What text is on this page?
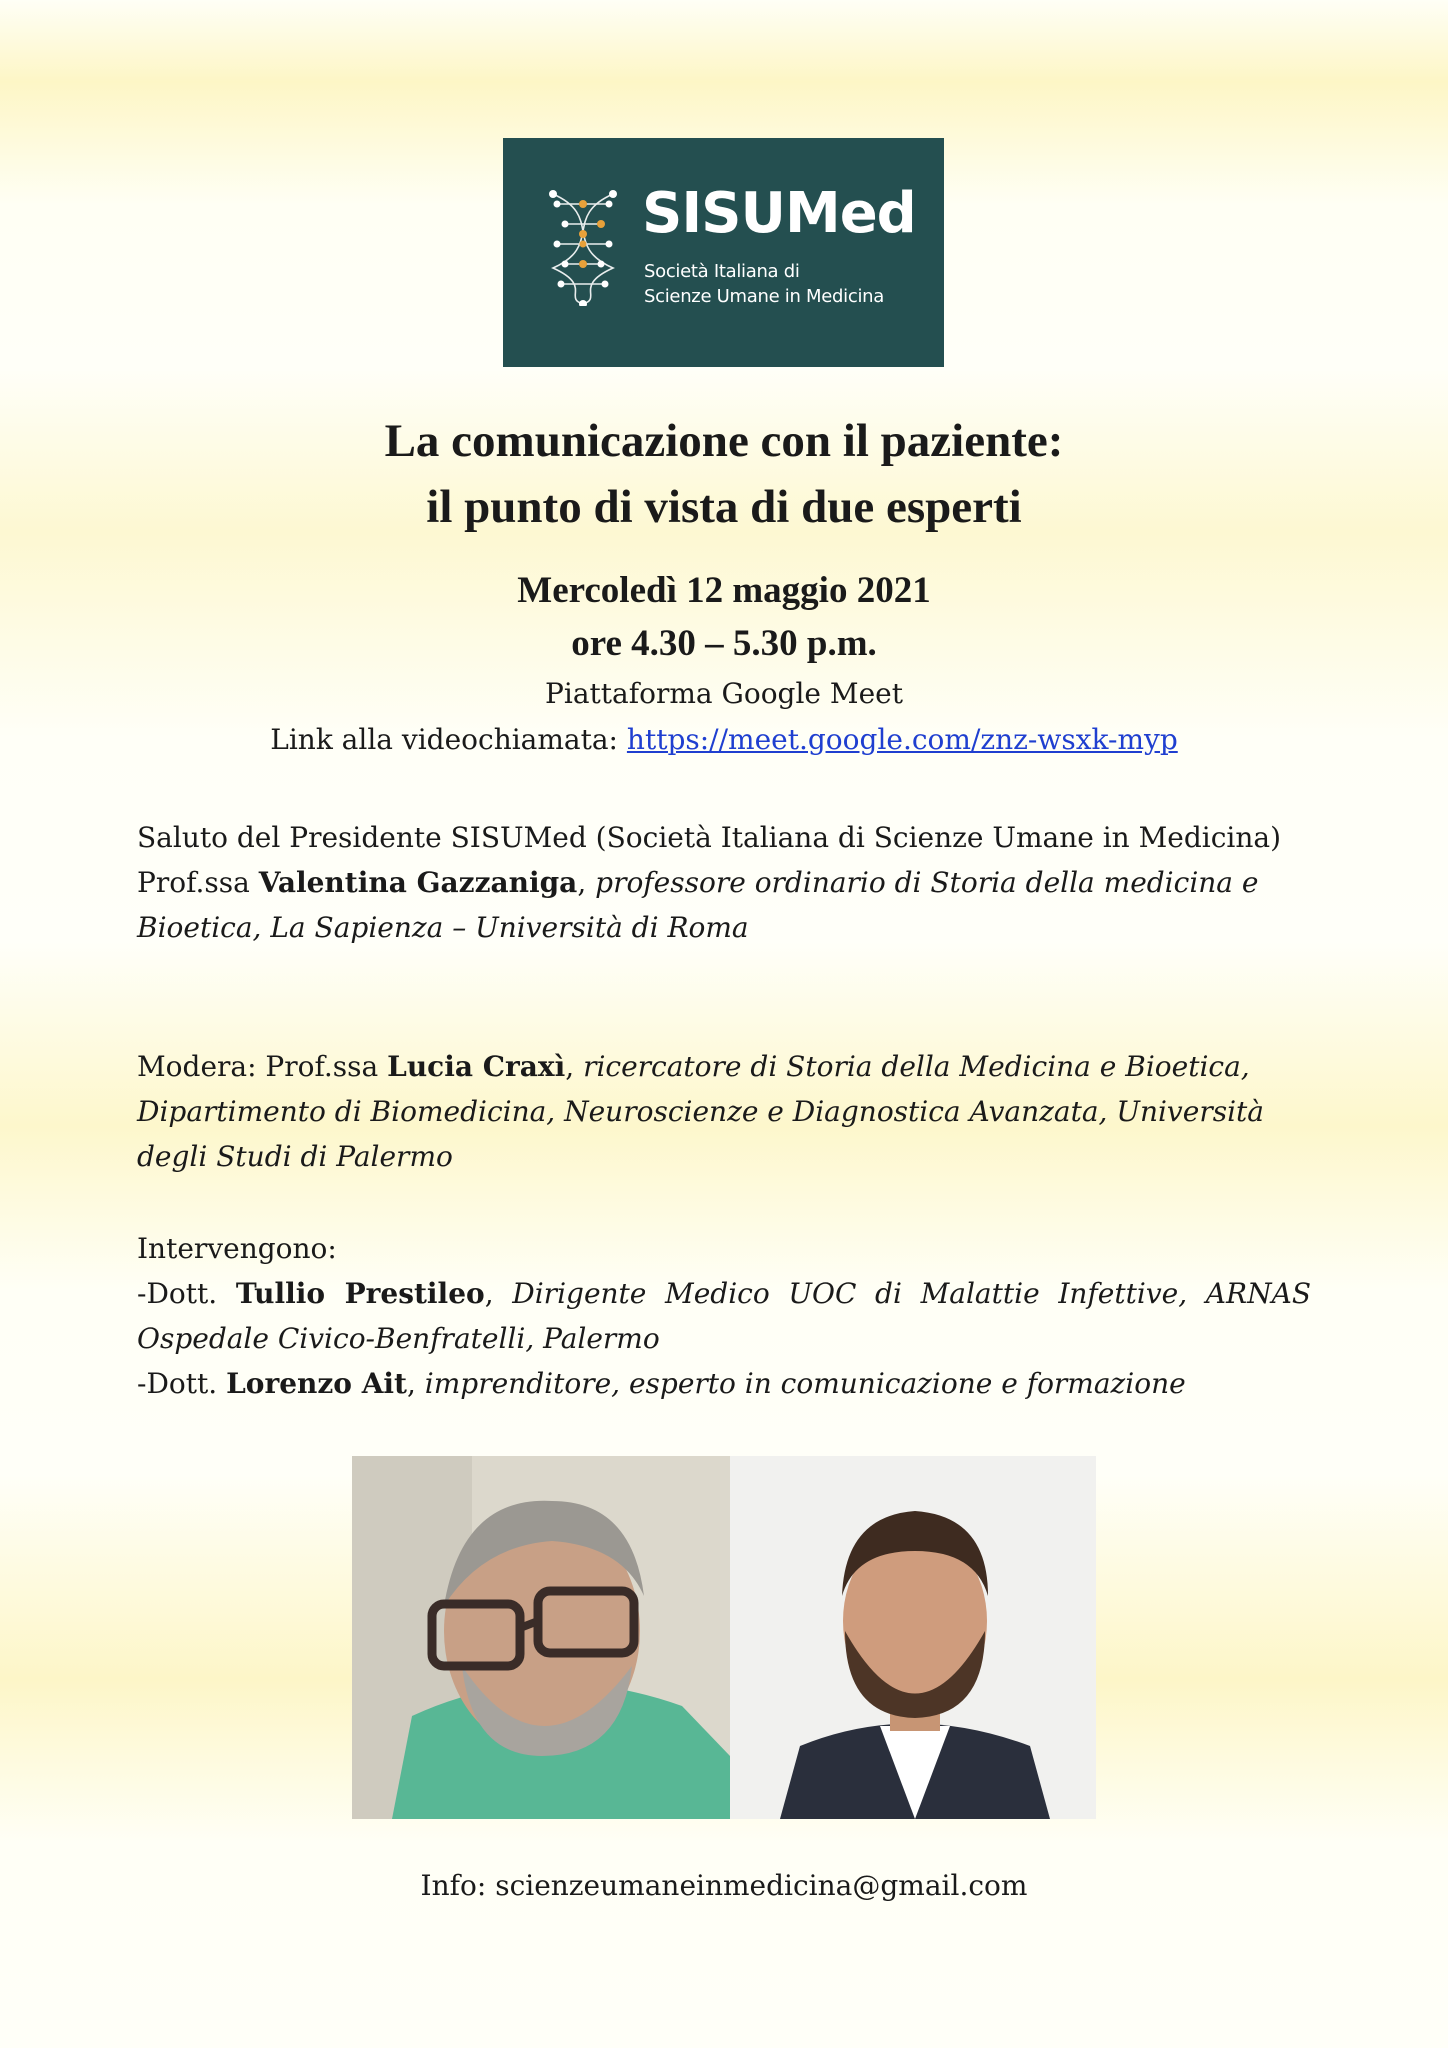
SISUMed
Società Italiana di
Scienze Umane in Medicina
La comunicazione con il paziente:
il punto di vista di due esperti
Mercoledì 12 maggio 2021
ore 4.30 – 5.30 p.m.
Piattaforma Google Meet
Link alla videochiamata: https://meet.google.com/znz-wsxk-myp

Saluto del Presidente SISUMed (Società Italiana di Scienze Umane in Medicina)

Prof.ssa Valentina Gazzaniga, professore ordinario di Storia della medicina e Bioetica, La Sapienza – Università di Roma

Modera: Prof.ssa Lucia Craxì, ricercatore di Storia della Medicina e Bioetica, Dipartimento di Biomedicina, Neuroscienze e Diagnostica Avanzata, Università degli Studi di Palermo

Intervengono:

-Dott. Tullio Prestileo, Dirigente Medico UOC di Malattie Infettive, ARNAS

Ospedale Civico-Benfratelli, Palermo

-Dott. Lorenzo Ait, imprenditore, esperto in comunicazione e formazione

Info: scienzeumaneinmedicina@gmail.com
